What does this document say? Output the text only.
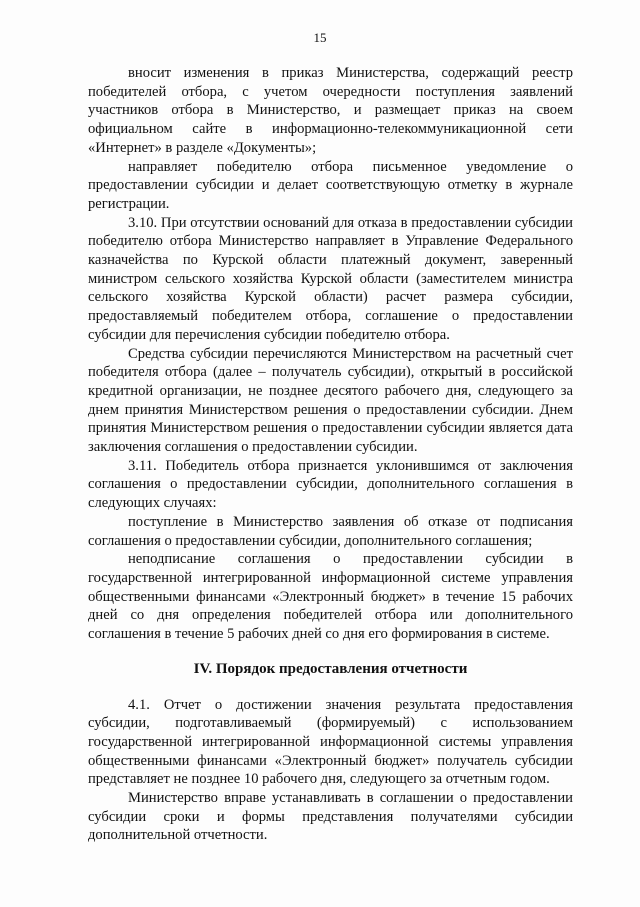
15

вносит изменения в приказ Министерства, содержащий реестр победителей отбора, с учетом очередности поступления заявлений участников отбора в Министерство, и размещает приказ на своем официальном сайте в информационно-телекоммуникационной сети «Интернет» в разделе «Документы»;

направляет победителю отбора письменное уведомление о предоставлении субсидии и делает соответствующую отметку в журнале регистрации.

3.10. При отсутствии оснований для отказа в предоставлении субсидии победителю отбора Министерство направляет в Управление Федерального казначейства по Курской области платежный документ, заверенный министром сельского хозяйства Курской области (заместителем министра сельского хозяйства Курской области) расчет размера субсидии, предоставляемый победителем отбора, соглашение о предоставлении субсидии для перечисления субсидии победителю отбора.

Средства субсидии перечисляются Министерством на расчетный счет победителя отбора (далее – получатель субсидии), открытый в российской кредитной организации, не позднее десятого рабочего дня, следующего за днем принятия Министерством решения о предоставлении субсидии. Днем принятия Министерством решения о предоставлении субсидии является дата заключения соглашения о предоставлении субсидии.

3.11. Победитель отбора признается уклонившимся от заключения соглашения о предоставлении субсидии, дополнительного соглашения в следующих случаях:

поступление в Министерство заявления об отказе от подписания соглашения о предоставлении субсидии, дополнительного соглашения;

неподписание соглашения о предоставлении субсидии в государственной интегрированной информационной системе управления общественными финансами «Электронный бюджет» в течение 15 рабочих дней со дня определения победителей отбора или дополнительного соглашения в течение 5 рабочих дней со дня его формирования в системе.

IV. Порядок предоставления отчетности

4.1. Отчет о достижении значения результата предоставления субсидии, подготавливаемый (формируемый) с использованием государственной интегрированной информационной системы управления общественными финансами «Электронный бюджет» получатель субсидии представляет не позднее 10 рабочего дня, следующего за отчетным годом.

Министерство вправе устанавливать в соглашении о предоставлении субсидии сроки и формы представления получателями субсидии дополнительной отчетности.
